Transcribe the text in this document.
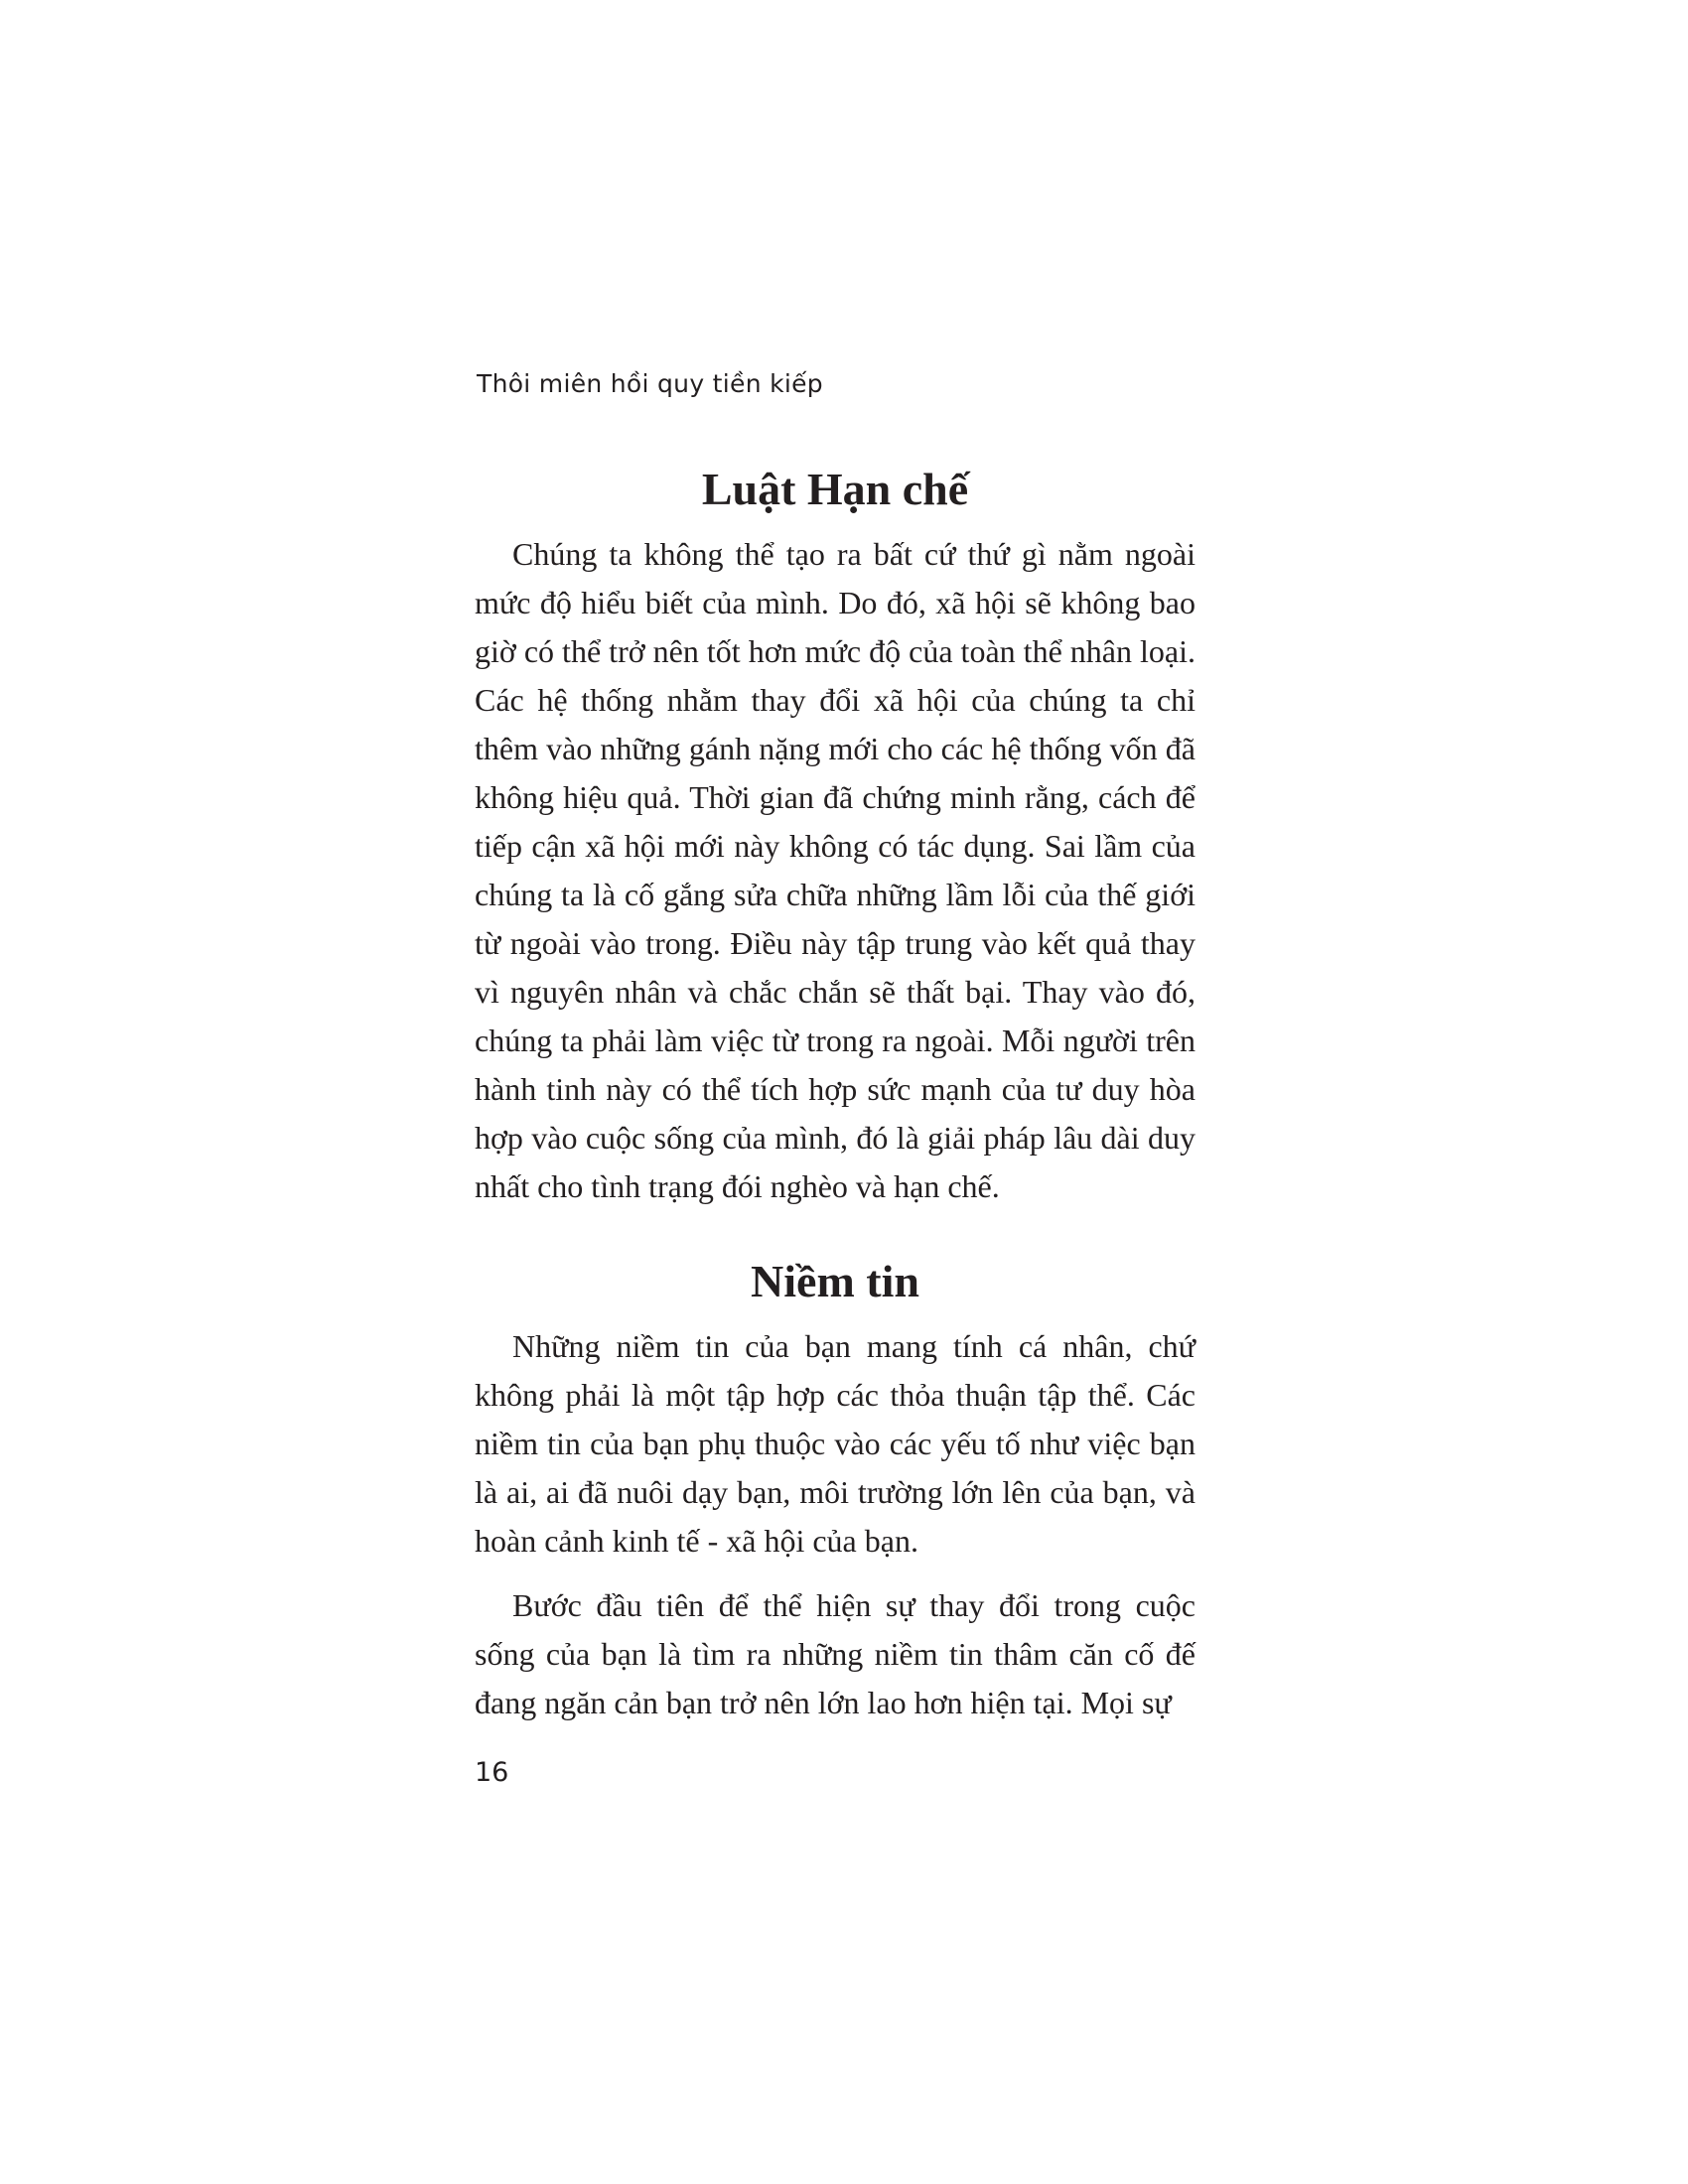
Thôi miên hồi quy tiền kiếp
Luật Hạn chế

Chúng ta không thể tạo ra bất cứ thứ gì nằm ngoài mức độ hiểu biết của mình. Do đó, xã hội sẽ không bao giờ có thể trở nên tốt hơn mức độ của toàn thể nhân loại. Các hệ thống nhằm thay đổi xã hội của chúng ta chỉ thêm vào những gánh nặng mới cho các hệ thống vốn đã không hiệu quả. Thời gian đã chứng minh rằng, cách để tiếp cận xã hội mới này không có tác dụng. Sai lầm của chúng ta là cố gắng sửa chữa những lầm lỗi của thế giới từ ngoài vào trong. Điều này tập trung vào kết quả thay vì nguyên nhân và chắc chắn sẽ thất bại. Thay vào đó, chúng ta phải làm việc từ trong ra ngoài. Mỗi người trên hành tinh này có thể tích hợp sức mạnh của tư duy hòa hợp vào cuộc sống của mình, đó là giải pháp lâu dài duy nhất cho tình trạng đói nghèo và hạn chế.

Niềm tin

Những niềm tin của bạn mang tính cá nhân, chứ không phải là một tập hợp các thỏa thuận tập thể. Các niềm tin của bạn phụ thuộc vào các yếu tố như việc bạn là ai, ai đã nuôi dạy bạn, môi trường lớn lên của bạn, và hoàn cảnh kinh tế - xã hội của bạn.

Bước đầu tiên để thể hiện sự thay đổi trong cuộc sống của bạn là tìm ra những niềm tin thâm căn cố đế đang ngăn cản bạn trở nên lớn lao hơn hiện tại. Mọi sự

16
